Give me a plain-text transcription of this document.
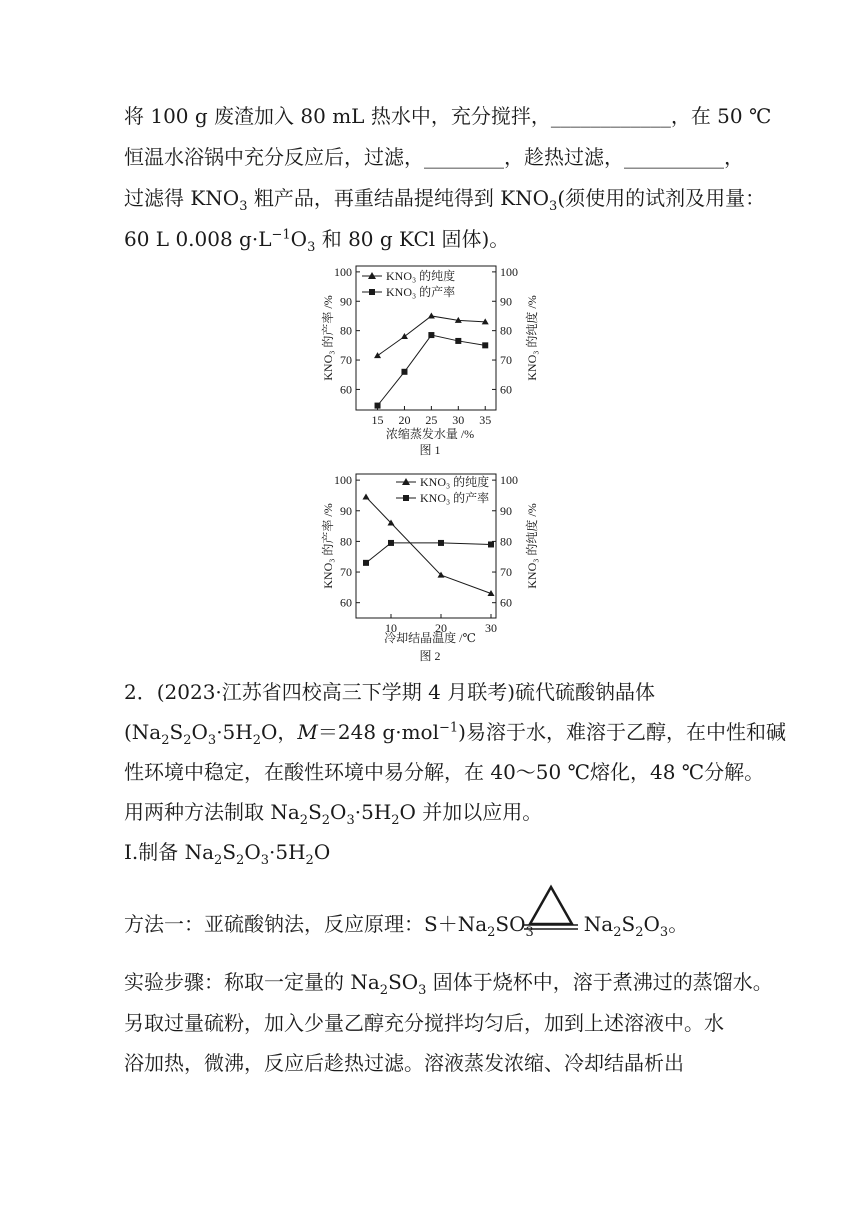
将 100 g 废渣加入 80 mL 热水中，充分搅拌，____________，在 50 ℃
恒温水浴锅中充分反应后，过滤，________，趁热过滤，__________，
过滤得 $KNO_3$ 粗产品，再重结晶提纯得到 $KNO_3$(须使用的试剂及用量：
60 L 0.008 $g\cdot L^{-1}O_3$ 和 80 g KCl 固体)。
60
70
80
90
100
60
70
80
90
100
15 20 25 30 35
KNO₃ 的纯度
KNO₃ 的产率
KNO₃ 的产率 /%	KNO₃ 的纯度 /%
浓缩蒸发水量 /%
图 1
60
70
80
90
100
60
70
80
90
100
10	20	30
KNO₃ 的纯度
KNO₃ 的产率
KNO₃ 的产率 /%	KNO₃ 的纯度 /%
冷却结晶温度 /℃
图 2
2．(2023·江苏省四校高三下学期 4 月联考)硫代硫酸钠晶体
($Na_2S_2O_3\cdot 5H_2O$，M＝248 g·mol$^{-1}$)易溶于水，难溶于乙醇，在中性和碱
性环境中稳定，在酸性环境中易分解，在 40～50 ℃熔化，48 ℃分解。
用两种方法制取 $Na_2S_2O_3\cdot 5H_2O$ 并加以应用。
Ⅰ.制备 $Na_2S_2O_3\cdot 5H_2O$
方法一：亚硫酸钠法，反应原理：$S+Na_2SO_3$	$Na_2S_2O_3$。
实验步骤：称取一定量的 $Na_2SO_3$ 固体于烧杯中，溶于煮沸过的蒸馏水。
另取过量硫粉，加入少量乙醇充分搅拌均匀后，加到上述溶液中。水
浴加热，微沸，反应后趁热过滤。溶液蒸发浓缩、冷却结晶析出
